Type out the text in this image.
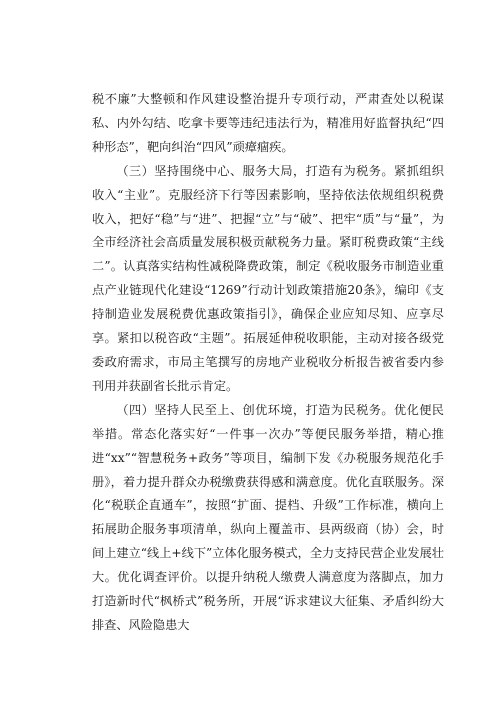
税不廉”大整顿和作风建设整治提升专项行动，严肃查处以税谋私、内外勾结、吃拿卡要等违纪违法行为，精准用好监督执纪“四种形态”，靶向纠治“四风”顽瘴痼疾。

（三）坚持围绕中心、服务大局，打造有为税务。紧抓组织收入“主业”。克服经济下行等因素影响，坚持依法依规组织税费收入，把好“稳”与“进”、把握“立”与“破”、把牢“质”与“量”，为全市经济社会高质量发展积极贡献税务力量。紧盯税费政策“主线二”。认真落实结构性减税降费政策，制定《税收服务市制造业重点产业链现代化建设“1269”行动计划政策措施20条》，编印《支持制造业发展税费优惠政策指引》，确保企业应知尽知、应享尽享。紧扣以税咨政“主题”。拓展延伸税收职能，主动对接各级党委政府需求，市局主笔撰写的房地产业税收分析报告被省委内参刊用并获副省长批示肯定。

（四）坚持人民至上、创优环境，打造为民税务。优化便民举措。常态化落实好“一件事一次办”等便民服务举措，精心推进“xx”“智慧税务+政务”等项目，编制下发《办税服务规范化手册》，着力提升群众办税缴费获得感和满意度。优化直联服务。深化“税联企直通车”，按照“扩面、提档、升级”工作标准，横向上拓展助企服务事项清单，纵向上覆盖市、县两级商（协）会，时间上建立“线上+线下”立体化服务模式，全力支持民营企业发展壮大。优化调查评价。以提升纳税人缴费人满意度为落脚点，加力打造新时代“枫桥式”税务所，开展“诉求建议大征集、矛盾纠纷大排查、风险隐患大
